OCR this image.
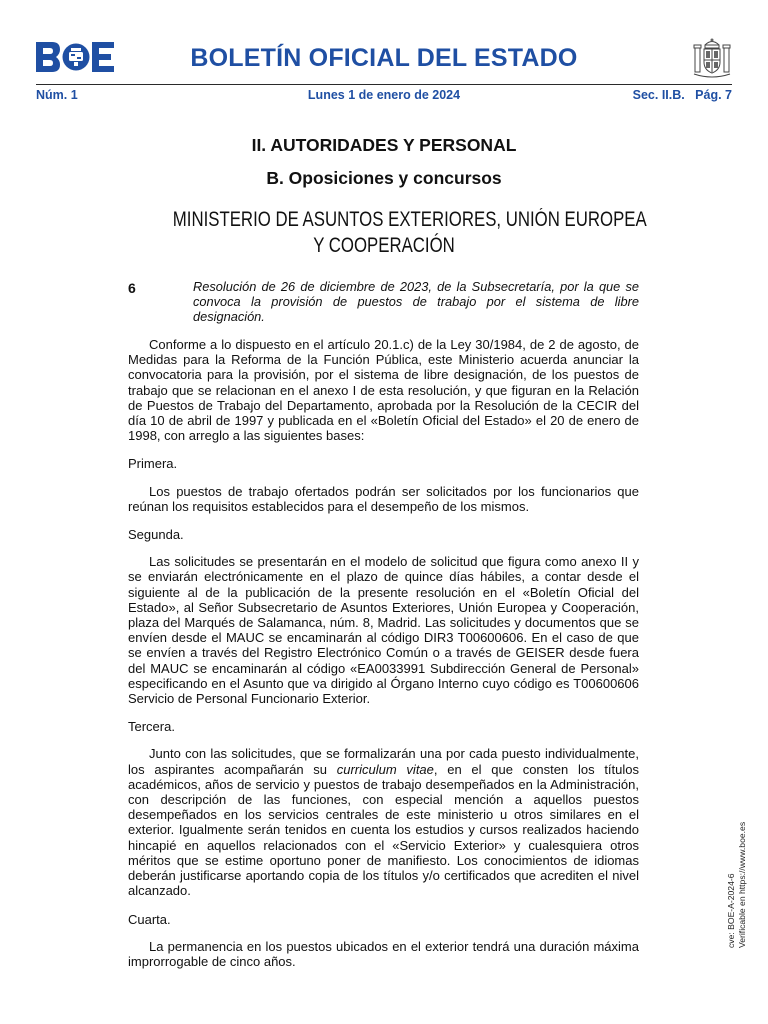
BOLETÍN OFICIAL DEL ESTADO
Núm. 1	Lunes 1 de enero de 2024	Sec. II.B.   Pág. 7
II. AUTORIDADES Y PERSONAL
B. Oposiciones y concursos
MINISTERIO DE ASUNTOS EXTERIORES, UNIÓN EUROPEA
Y COOPERACIÓN
6	Resolución de 26 de diciembre de 2023, de la Subsecretaría, por la que se convoca la provisión de puestos de trabajo por el sistema de libre designación.

Conforme a lo dispuesto en el artículo 20.1.c) de la Ley 30/1984, de 2 de agosto, de Medidas para la Reforma de la Función Pública, este Ministerio acuerda anunciar la convocatoria para la provisión, por el sistema de libre designación, de los puestos de trabajo que se relacionan en el anexo I de esta resolución, y que figuran en la Relación de Puestos de Trabajo del Departamento, aprobada por la Resolución de la CECIR del día 10 de abril de 1997 y publicada en el «Boletín Oficial del Estado» el 20 de enero de 1998, con arreglo a las siguientes bases:

Primera.

Los puestos de trabajo ofertados podrán ser solicitados por los funcionarios que reúnan los requisitos establecidos para el desempeño de los mismos.

Segunda.

Las solicitudes se presentarán en el modelo de solicitud que figura como anexo II y se enviarán electrónicamente en el plazo de quince días hábiles, a contar desde el siguiente al de la publicación de la presente resolución en el «Boletín Oficial del Estado», al Señor Subsecretario de Asuntos Exteriores, Unión Europea y Cooperación, plaza del Marqués de Salamanca, núm. 8, Madrid. Las solicitudes y documentos que se envíen desde el MAUC se encaminarán al código DIR3 T00600606. En el caso de que se envíen a través del Registro Electrónico Común o a través de GEISER desde fuera del MAUC se encaminarán al código «EA0033991 Subdirección General de Personal» especificando en el Asunto que va dirigido al Órgano Interno cuyo código es T00600606 Servicio de Personal Funcionario Exterior.

Tercera.

Junto con las solicitudes, que se formalizarán una por cada puesto individualmente, los aspirantes acompañarán su curriculum vitae, en el que consten los títulos académicos, años de servicio y puestos de trabajo desempeñados en la Administración, con descripción de las funciones, con especial mención a aquellos puestos desempeñados en los servicios centrales de este ministerio u otros similares en el exterior. Igualmente serán tenidos en cuenta los estudios y cursos realizados haciendo hincapié en aquellos relacionados con el «Servicio Exterior» y cualesquiera otros méritos que se estime oportuno poner de manifiesto. Los conocimientos de idiomas deberán justificarse aportando copia de los títulos y/o certificados que acrediten el nivel alcanzado.

Cuarta.

La permanencia en los puestos ubicados en el exterior tendrá una duración máxima improrrogable de cinco años.

cve: BOE-A-2024-6 Verificable en https://www.boe.es
